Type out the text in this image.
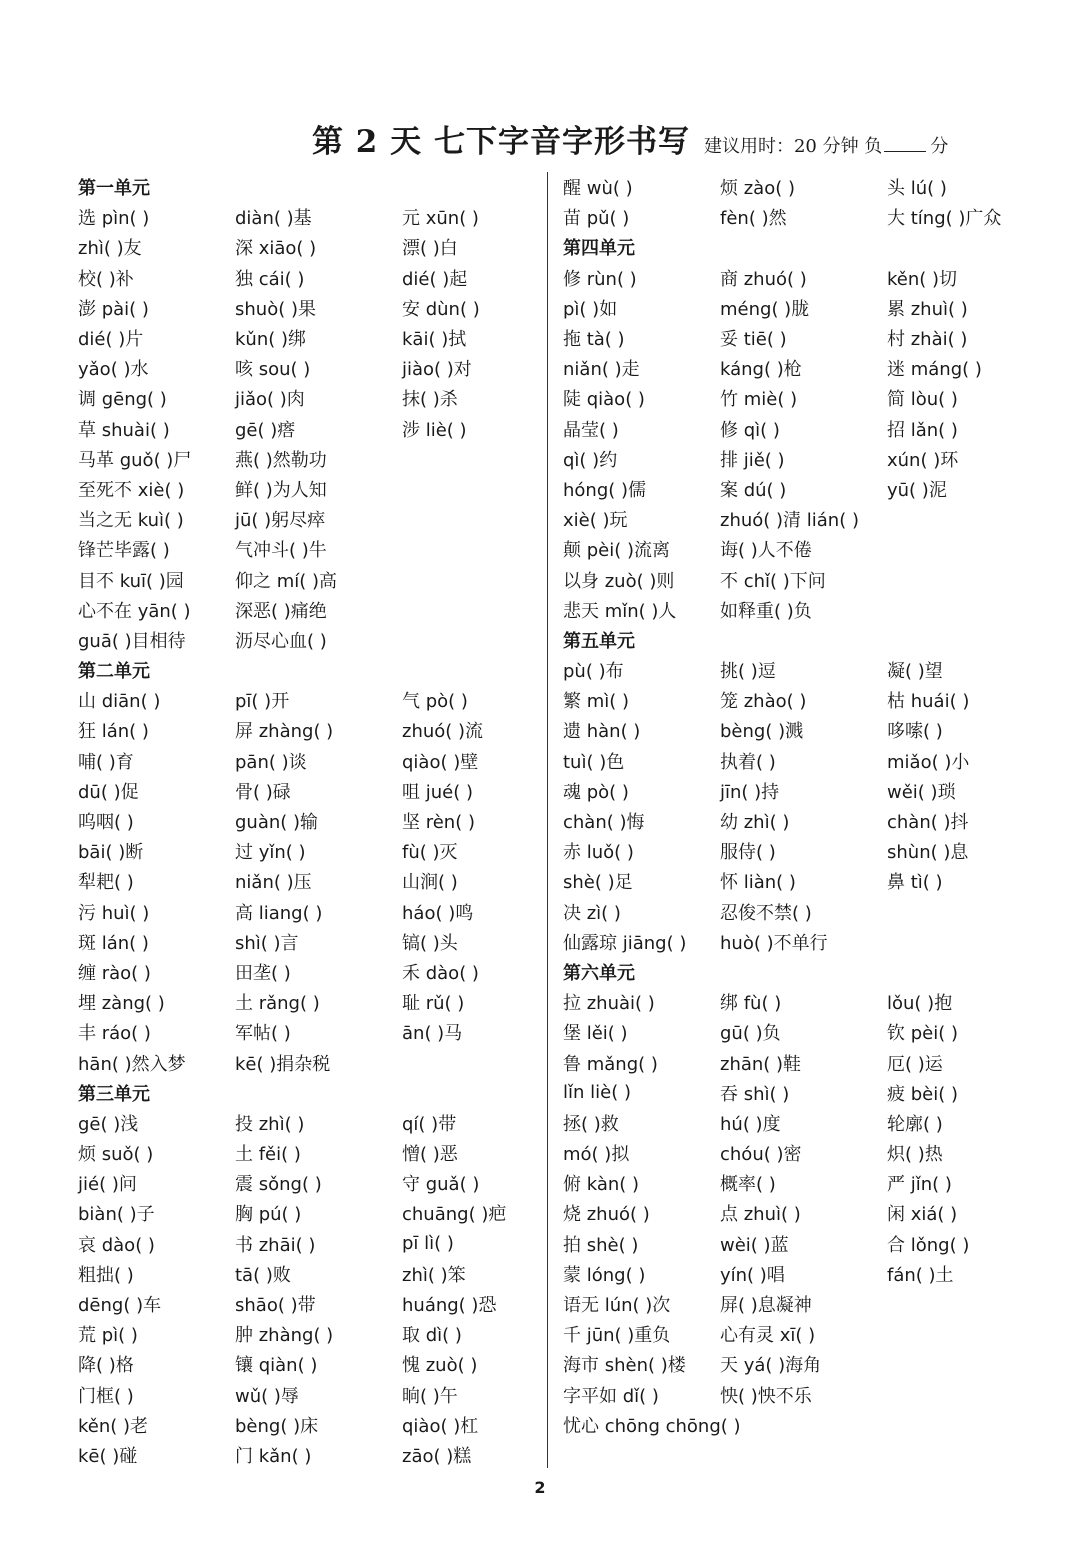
第 2 天 七下字音字形书写 建议用时：20 分钟 负	分
第一单元
选 pìn( )	diàn( )基	元 xūn( )
zhì( )友	深 xiāo( )	漂( )白
校( )补	独 cái( )	dié( )起
澎 pài( )	shuò( )果	安 dùn( )
dié( )片	kǔn( )绑	kāi( )拭
yǎo( )水	咳 sou( )	jiào( )对
调 gēng( )	jiǎo( )肉	抹( )杀
草 shuài( )	gē( )瘩	涉 liè( )
马革 guǒ( )尸	燕( )然勒功
至死不 xiè( )	鲜( )为人知
当之无 kuì( )	jū( )躬尽瘁
锋芒毕露( )	气冲斗( )牛
目不 kuī( )园	仰之 mí( )高
心不在 yān( )	深恶( )痛绝
guā( )目相待	沥尽心血( )
第二单元
山 diān( )	pī( )开	气 pò( )
狂 lán( )	屏 zhàng( )	zhuó( )流
哺( )育	pān( )谈	qiào( )壁
dū( )促	骨( )碌	咀 jué( )
呜咽( )	guàn( )输	坚 rèn( )
bāi( )断	过 yǐn( )	fù( )灭
犁耙( )	niǎn( )压	山涧( )
污 huì( )	高 liang( )	háo( )鸣
斑 lán( )	shì( )言	镐( )头
缠 rào( )	田垄( )	禾 dào( )
埋 zàng( )	土 rǎng( )	耻 rǔ( )
丰 ráo( )	军帖( )	ān( )马
hān( )然入梦	kē( )捐杂税
第三单元
gē( )浅	投 zhì( )	qí( )带
烦 suǒ( )	土 fěi( )	憎( )恶
jié( )问	震 sǒng( )	守 guǎ( )
biàn( )子	胸 pú( )	chuāng( )疤
哀 dào( )	书 zhāi( )	pī lì( )
粗拙( )	tā( )败	zhì( )笨
dēng( )车	shāo( )带	huáng( )恐
荒 pì( )	肿 zhàng( )	取 dì( )
降( )格	镶 qiàn( )	愧 zuò( )
门框( )	wǔ( )辱	晌( )午
kěn( )老	bèng( )床	qiào( )杠
kē( )碰	门 kǎn( )	zāo( )糕
醒 wù( )	烦 zào( )	头 lú( )
苗 pǔ( )	fèn( )然	大 tíng( )广众
第四单元
修 rùn( )	商 zhuó( )	kěn( )切
pì( )如	méng( )胧	累 zhuì( )
拖 tà( )	妥 tiē( )	村 zhài( )
niǎn( )走	káng( )枪	迷 máng( )
陡 qiào( )	竹 miè( )	简 lòu( )
晶莹( )	修 qì( )	招 lǎn( )
qì( )约	排 jiě( )	xún( )环
hóng( )儒	案 dú( )	yū( )泥
xiè( )玩	zhuó( )清 lián( )
颠 pèi( )流离	诲( )人不倦
以身 zuò( )则	不 chǐ( )下问
悲天 mǐn( )人	如释重( )负
第五单元
pù( )布	挑( )逗	凝( )望
繁 mì( )	笼 zhào( )	枯 huái( )
遗 hàn( )	bèng( )溅	哆嗦( )
tuì( )色	执着( )	miǎo( )小
魂 pò( )	jīn( )持	wěi( )琐
chàn( )悔	幼 zhì( )	chàn( )抖
赤 luǒ( )	服侍( )	shùn( )息
shè( )足	怀 liàn( )	鼻 tì( )
决 zì( )	忍俊不禁( )
仙露琼 jiāng( )	huò( )不单行
第六单元
拉 zhuài( )	绑 fù( )	lǒu( )抱
堡 lěi( )	gū( )负	钦 pèi( )
鲁 mǎng( )	zhān( )鞋	厄( )运
lǐn liè( )	吞 shì( )	疲 bèi( )
拯( )救	hú( )度	轮廓( )
mó( )拟	chóu( )密	炽( )热
俯 kàn( )	概率( )	严 jǐn( )
烧 zhuó( )	点 zhuì( )	闲 xiá( )
拍 shè( )	wèi( )蓝	合 lǒng( )
蒙 lóng( )	yín( )唱	fán( )土
语无 lún( )次	屏( )息凝神
千 jūn( )重负	心有灵 xī( )
海市 shèn( )楼	天 yá( )海角
字平如 dǐ( )	怏( )怏不乐
忧心 chōng chōng( )
2
